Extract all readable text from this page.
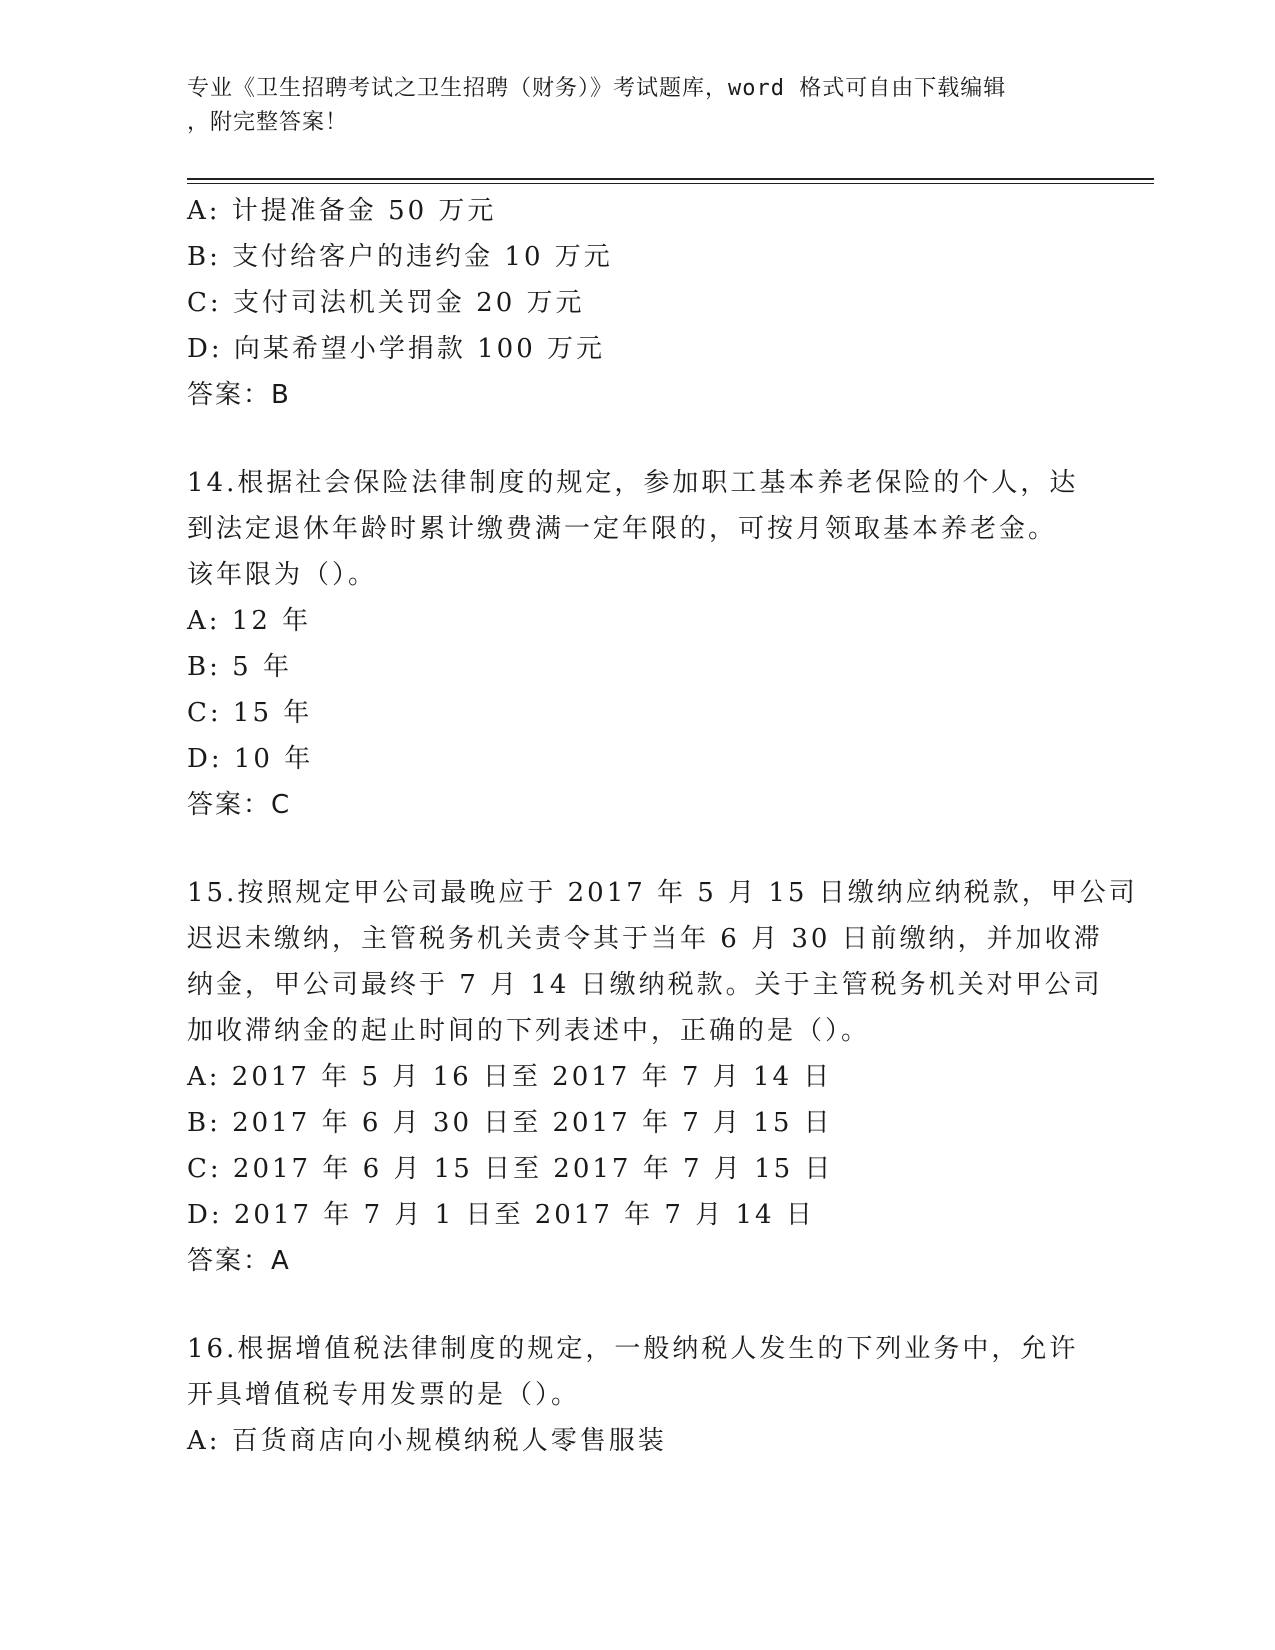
专业《卫生招聘考试之卫生招聘（财务）》考试题库，word 格式可自由下载编辑
，附完整答案！
A: 计提准备金 50 万元
B: 支付给客户的违约金 10 万元
C: 支付司法机关罚金 20 万元
D: 向某希望小学捐款 100 万元
答案：B
14.根据社会保险法律制度的规定，参加职工基本养老保险的个人，达
到法定退休年龄时累计缴费满一定年限的，可按月领取基本养老金。
该年限为（）。
A: 12 年
B: 5 年
C: 15 年
D: 10 年
答案：C
15.按照规定甲公司最晚应于 2017 年 5 月 15 日缴纳应纳税款，甲公司
迟迟未缴纳，主管税务机关责令其于当年 6 月 30 日前缴纳，并加收滞
纳金，甲公司最终于 7 月 14 日缴纳税款。关于主管税务机关对甲公司
加收滞纳金的起止时间的下列表述中，正确的是（）。
A: 2017 年 5 月 16 日至 2017 年 7 月 14 日
B: 2017 年 6 月 30 日至 2017 年 7 月 15 日
C: 2017 年 6 月 15 日至 2017 年 7 月 15 日
D: 2017 年 7 月 1 日至 2017 年 7 月 14 日
答案：A
16.根据增值税法律制度的规定，一般纳税人发生的下列业务中，允许
开具增值税专用发票的是（）。
A: 百货商店向小规模纳税人零售服装
